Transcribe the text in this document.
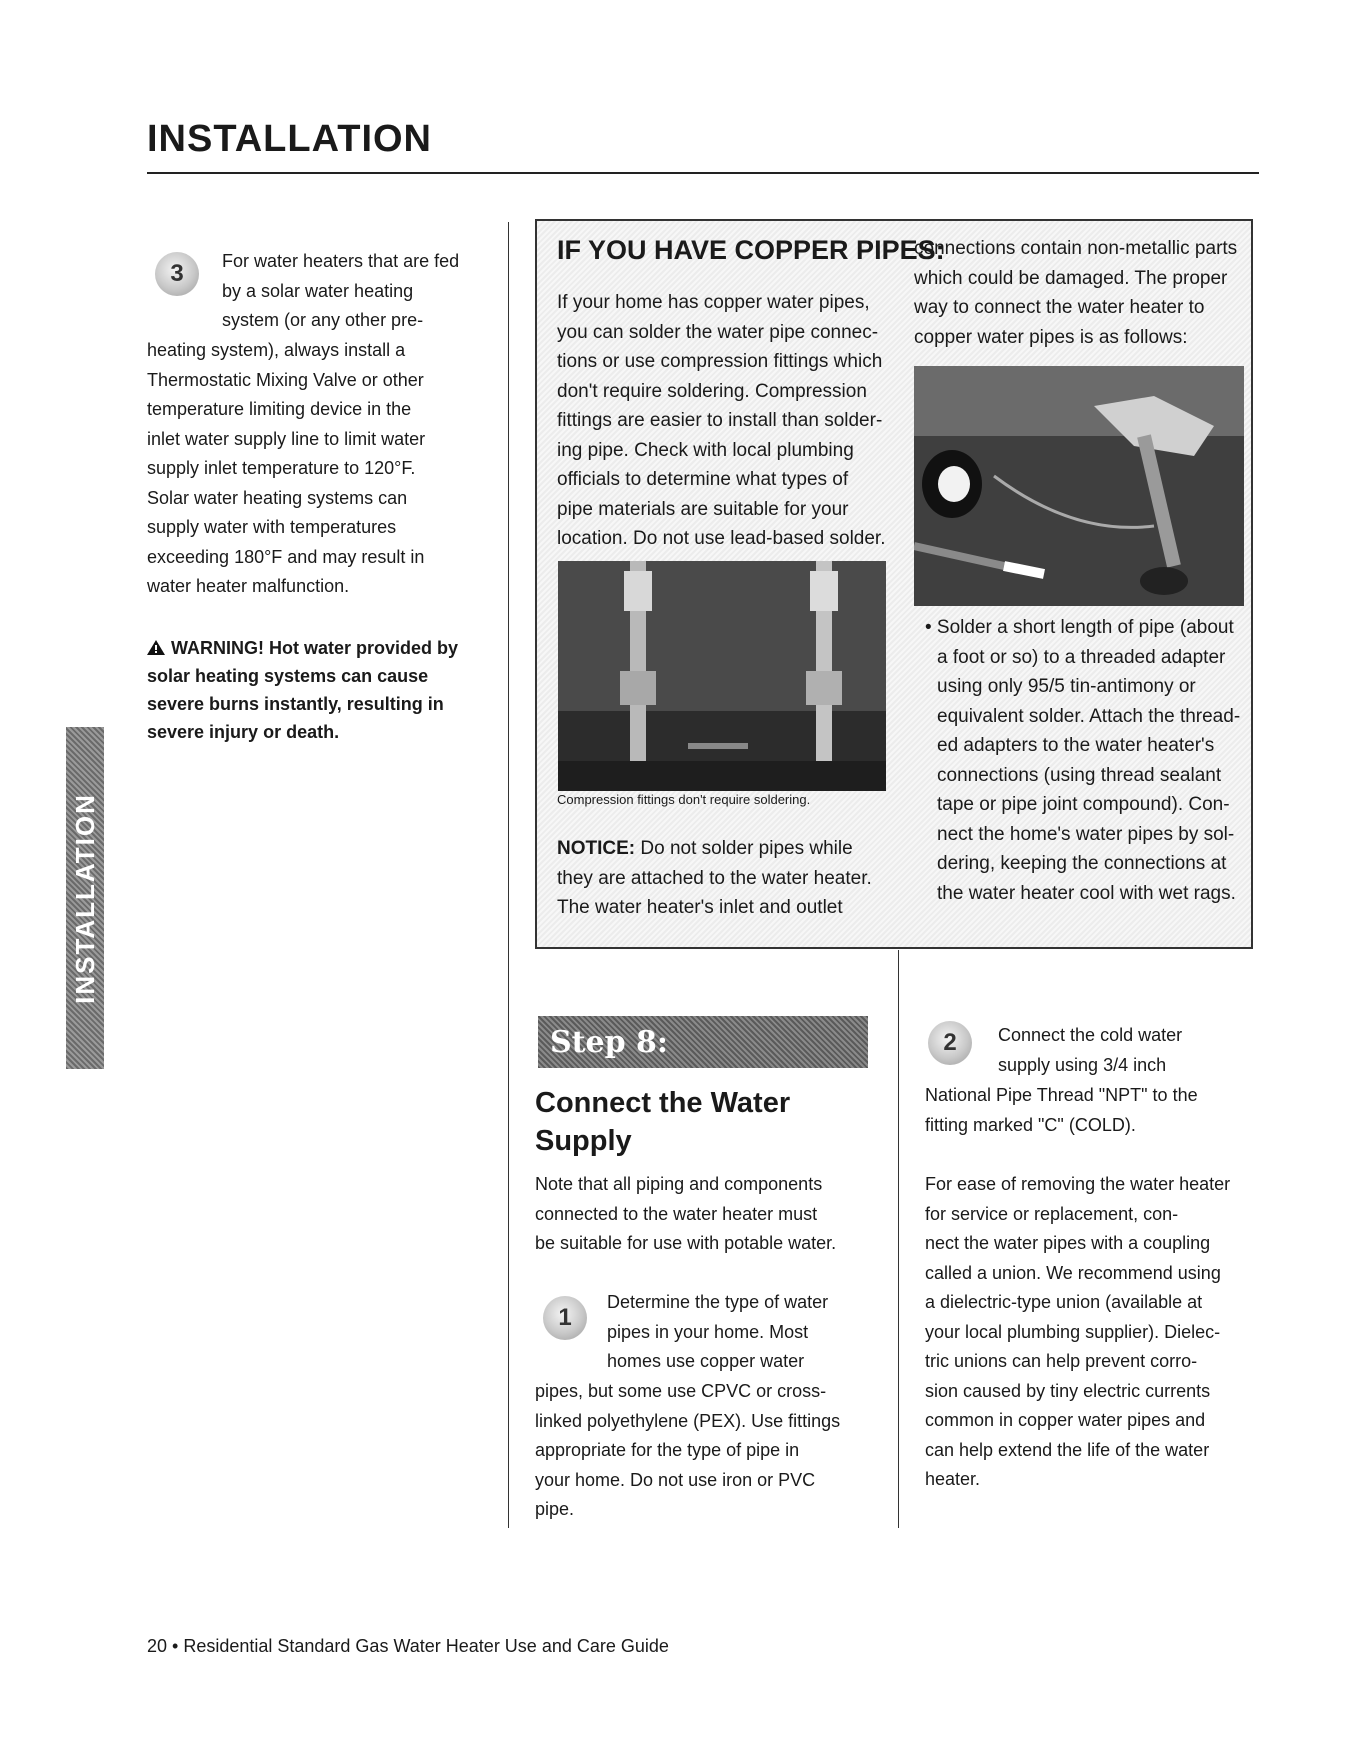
INSTALLATION
INSTALLATION
3 For water heaters that are fed

by a solar water heating

system (or any other pre-

heating system), always install a

Thermostatic Mixing Valve or other

temperature limiting device in the

inlet water supply line to limit water

supply inlet temperature to 120°F.

Solar water heating systems can

supply water with temperatures

exceeding 180°F and may result in

water heater malfunction.

WARNING! Hot water provided by

solar heating systems can cause

severe burns instantly, resulting in

severe injury or death.

IF YOU HAVE COPPER PIPES:

If your home has copper water pipes,

you can solder the water pipe connec-

tions or use compression fittings which

don't require soldering. Compression

fittings are easier to install than solder-

ing pipe. Check with local plumbing

officials to determine what types of

pipe materials are suitable for your

location. Do not use lead-based solder.

Compression fittings don't require soldering.

NOTICE: Do not solder pipes while

they are attached to the water heater.

The water heater's inlet and outlet

connections contain non-metallic parts

which could be damaged. The proper

way to connect the water heater to

copper water pipes is as follows:

• Solder a short length of pipe (about

a foot or so) to a threaded adapter

using only 95/5 tin-antimony or

equivalent solder. Attach the thread-

ed adapters to the water heater's

connections (using thread sealant

tape or pipe joint compound). Con-

nect the home's water pipes by sol-

dering, keeping the connections at

the water heater cool with wet rags.

Step 8:
Connect the Water
Supply

Note that all piping and components

connected to the water heater must

be suitable for use with potable water.

1

Determine the type of water

pipes in your home. Most

homes use copper water

pipes, but some use CPVC or cross-

linked polyethylene (PEX). Use fittings

appropriate for the type of pipe in

your home. Do not use iron or PVC

pipe.

2 Connect the cold water

supply using 3/4 inch

National Pipe Thread "NPT" to the

fitting marked "C" (COLD).

For ease of removing the water heater

for service or replacement, con-

nect the water pipes with a coupling

called a union. We recommend using

a dielectric-type union (available at

your local plumbing supplier). Dielec-

tric unions can help prevent corro-

sion caused by tiny electric currents

common in copper water pipes and

can help extend the life of the water

heater.

20 • Residential Standard Gas Water Heater Use and Care Guide
